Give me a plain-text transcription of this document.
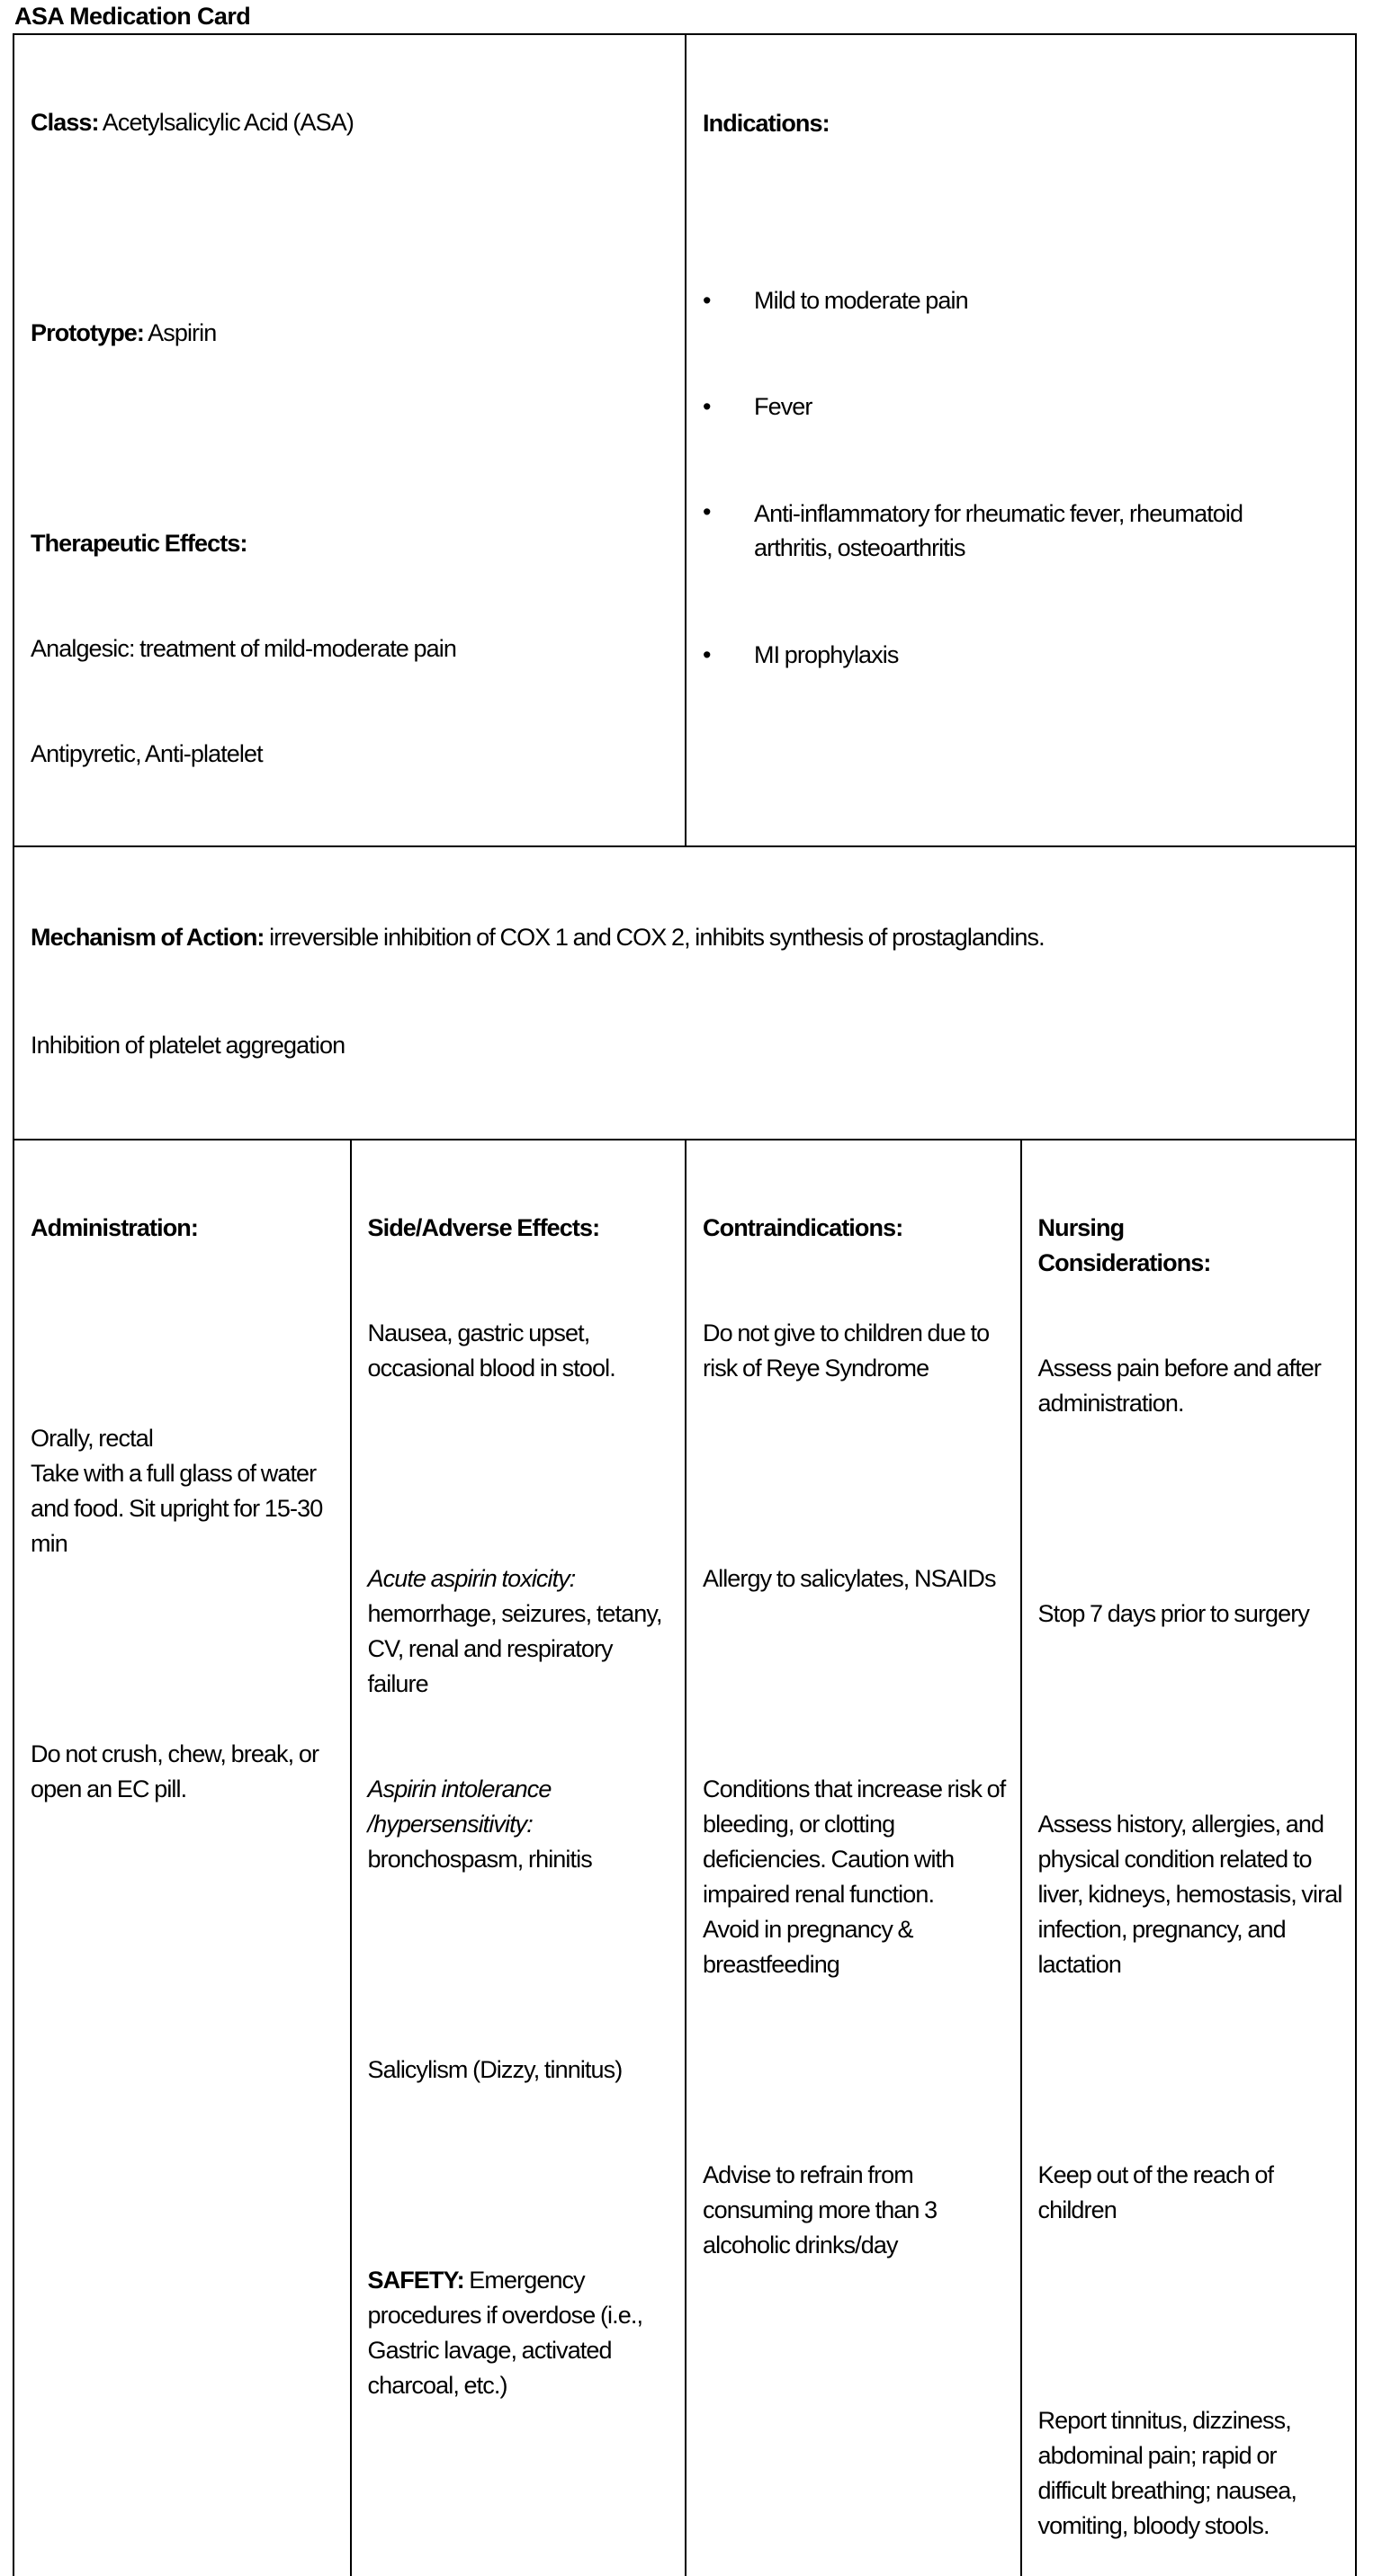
ASA Medication Card

Class: Acetylsalicylic Acid (ASA)

Prototype: Aspirin

Therapeutic Effects:

Analgesic: treatment of mild-moderate pain

Antipyretic, Anti-platelet

Indications:

• Mild to moderate pain

• Fever

• Anti-inflammatory for rheumatic fever, rheumatoid arthritis, osteoarthritis

• MI prophylaxis

Mechanism of Action: irreversible inhibition of COX 1 and COX 2, inhibits synthesis of prostaglandins.

Inhibition of platelet aggregation

Administration:

Orally, rectal
Take with a full glass of water and food. Sit upright for 15-30 min

Do not crush, chew, break, or open an EC pill.

Side/Adverse Effects:

Nausea, gastric upset, occasional blood in stool.

Acute aspirin toxicity: hemorrhage, seizures, tetany, CV, renal and respiratory failure

Aspirin intolerance /hypersensitivity: bronchospasm, rhinitis

Salicylism (Dizzy, tinnitus)

SAFETY: Emergency procedures if overdose (i.e., Gastric lavage, activated charcoal, etc.)

Contraindications:

Do not give to children due to risk of Reye Syndrome

Allergy to salicylates, NSAIDs

Conditions that increase risk of bleeding, or clotting deficiencies. Caution with impaired renal function.
Avoid in pregnancy & breastfeeding

Advise to refrain from consuming more than 3 alcoholic drinks/day

Nursing Considerations:

Assess pain before and after administration.

Stop 7 days prior to surgery

Assess history, allergies, and physical condition related to liver, kidneys, hemostasis, viral infection, pregnancy, and lactation

Keep out of the reach of children

Report tinnitus, dizziness, abdominal pain; rapid or difficult breathing; nausea, vomiting, bloody stools.
